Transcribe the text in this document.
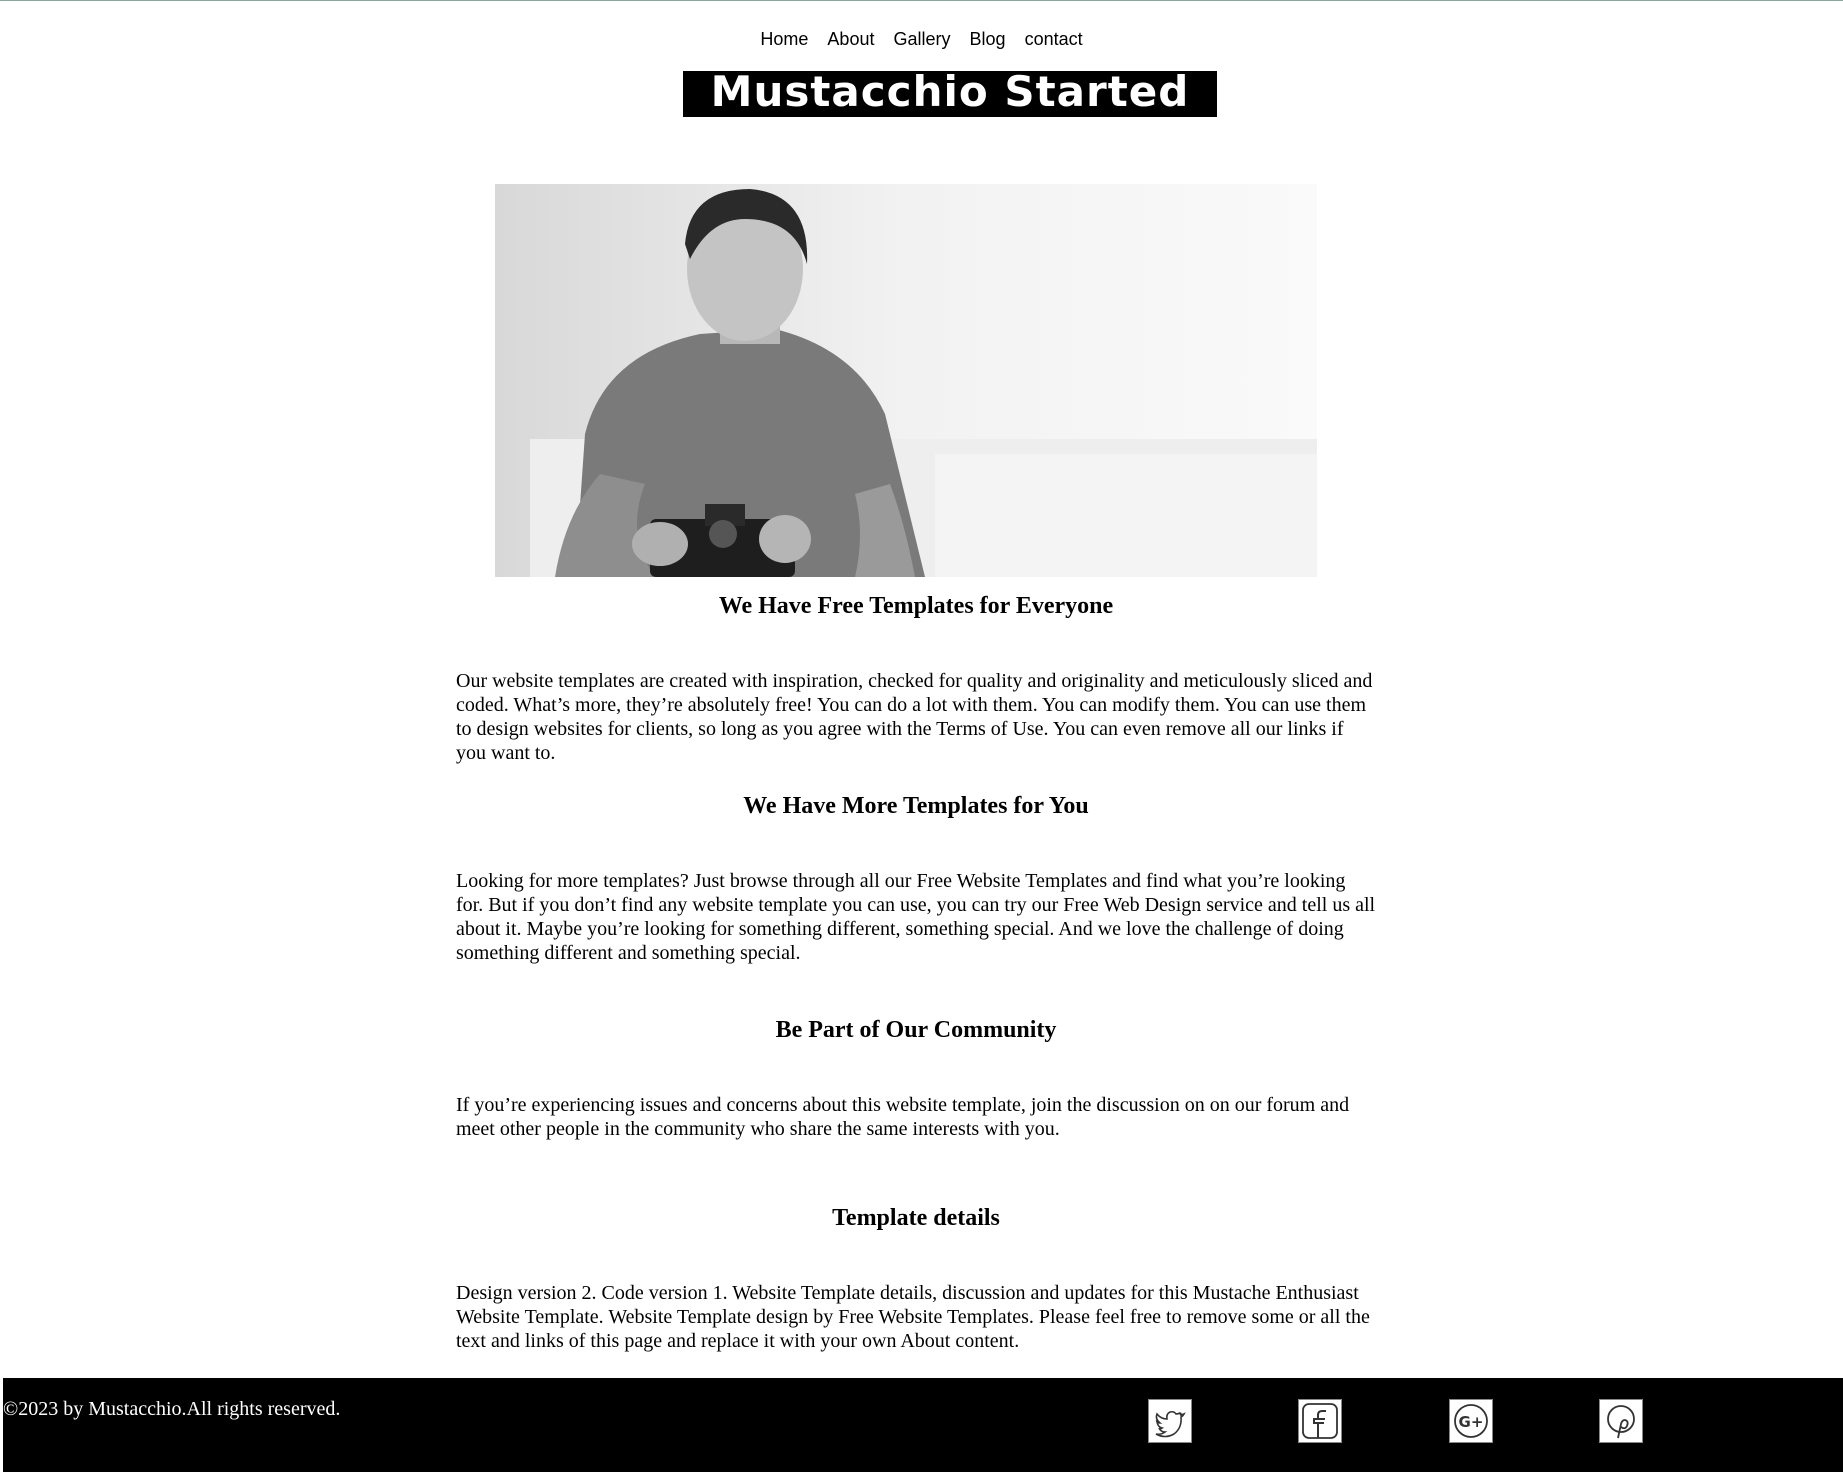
Home About Gallery Blog contact
Mustacchio Started
We Have Free Templates for Everyone

Our website templates are created with inspiration, checked for quality and originality and meticulously sliced and coded. What’s more, they’re absolutely free! You can do a lot with them. You can modify them. You can use them to design websites for clients, so long as you agree with the Terms of Use. You can even remove all our links if you want to.

We Have More Templates for You

Looking for more templates? Just browse through all our Free Website Templates and find what you’re looking for. But if you don’t find any website template you can use, you can try our Free Web Design service and tell us all about it. Maybe you’re looking for something different, something special. And we love the challenge of doing something different and something special.

Be Part of Our Community

If you’re experiencing issues and concerns about this website template, join the discussion on on our forum and meet other people in the community who share the same interests with you.

Template details

Design version 2. Code version 1. Website Template details, discussion and updates for this Mustache Enthusiast Website Template. Website Template design by Free Website Templates. Please feel free to remove some or all the text and links of this page and replace it with your own About content.

©2023 by Mustacchio.All rights reserved.
G+
